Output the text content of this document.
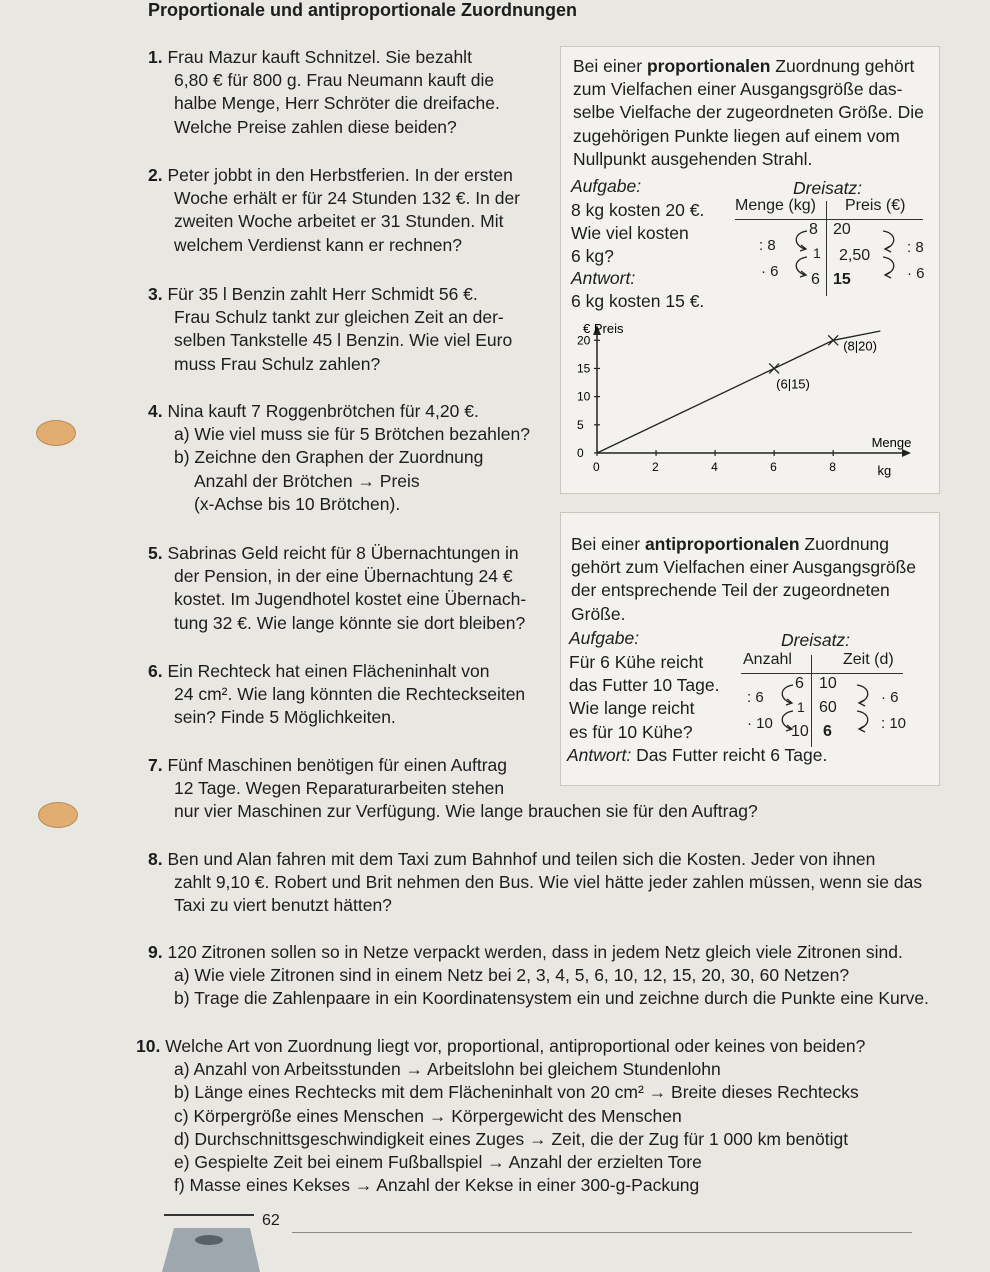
Proportionale und antiproportionale Zuordnungen
1. Frau Mazur kauft Schnitzel. Sie bezahlt
6,80 € für 800 g. Frau Neumann kauft die
halbe Menge, Herr Schröter die dreifache.
Welche Preise zahlen diese beiden?
2. Peter jobbt in den Herbstferien. In der ersten
Woche erhält er für 24 Stunden 132 €. In der
zweiten Woche arbeitet er 31 Stunden. Mit
welchem Verdienst kann er rechnen?
3. Für 35 l Benzin zahlt Herr Schmidt 56 €.
Frau Schulz tankt zur gleichen Zeit an der-
selben Tankstelle 45 l Benzin. Wie viel Euro
muss Frau Schulz zahlen?
4. Nina kauft 7 Roggenbrötchen für 4,20 €.
a) Wie viel muss sie für 5 Brötchen bezahlen?
b) Zeichne den Graphen der Zuordnung
Anzahl der Brötchen → Preis
(x-Achse bis 10 Brötchen).
5. Sabrinas Geld reicht für 8 Übernachtungen in
der Pension, in der eine Übernachtung 24 €
kostet. Im Jugendhotel kostet eine Übernach-
tung 32 €. Wie lange könnte sie dort bleiben?
6. Ein Rechteck hat einen Flächeninhalt von
24 cm². Wie lang könnten die Rechteckseiten
sein? Finde 5 Möglichkeiten.
7. Fünf Maschinen benötigen für einen Auftrag
12 Tage. Wegen Reparaturarbeiten stehen
nur vier Maschinen zur Verfügung. Wie lange brauchen sie für den Auftrag?
8. Ben und Alan fahren mit dem Taxi zum Bahnhof und teilen sich die Kosten. Jeder von ihnen
zahlt 9,10 €. Robert und Brit nehmen den Bus. Wie viel hätte jeder zahlen müssen, wenn sie das
Taxi zu viert benutzt hätten?
9. 120 Zitronen sollen so in Netze verpackt werden, dass in jedem Netz gleich viele Zitronen sind.
a) Wie viele Zitronen sind in einem Netz bei 2, 3, 4, 5, 6, 10, 12, 15, 20, 30, 60 Netzen?
b) Trage die Zahlenpaare in ein Koordinatensystem ein und zeichne durch die Punkte eine Kurve.
10. Welche Art von Zuordnung liegt vor, proportional, antiproportional oder keines von beiden?
a) Anzahl von Arbeitsstunden → Arbeitslohn bei gleichem Stundenlohn
b) Länge eines Rechtecks mit dem Flächeninhalt von 20 cm² → Breite dieses Rechtecks
c) Körpergröße eines Menschen → Körpergewicht des Menschen
d) Durchschnittsgeschwindigkeit eines Zuges → Zeit, die der Zug für 1 000 km benötigt
e) Gespielte Zeit bei einem Fußballspiel → Anzahl der erzielten Tore
f) Masse eines Kekses → Anzahl der Kekse in einer 300-g-Packung
Bei einer proportionalen Zuordnung gehört
zum Vielfachen einer Ausgangsgröße das-
selbe Vielfache der zugeordneten Größe. Die
zugehörigen Punkte liegen auf einem vom
Nullpunkt ausgehenden Strahl.
Aufgabe:	Dreisatz:
8 kg kosten 20 €.
Wie viel kosten
6 kg?
Antwort:
6 kg kosten 15 €.
Menge (kg) Preis (€)
8 20
1 2,50
6 15
: 8
· 6
: 8
· 6
€ Preis
Menge
kg
0	2	4	6	8
0
5
10
15
20
(6|15)
(8|20)
Bei einer antiproportionalen Zuordnung
gehört zum Vielfachen einer Ausgangsgröße
der entsprechende Teil der zugeordneten
Größe.
Aufgabe:	Dreisatz:
Für 6 Kühe reicht
das Futter 10 Tage.
Wie lange reicht
es für 10 Kühe?
Antwort: Das Futter reicht 6 Tage.
Anzahl	Zeit (d)
6 10
1 60
10 6
: 6
· 10
· 6
: 10
62
